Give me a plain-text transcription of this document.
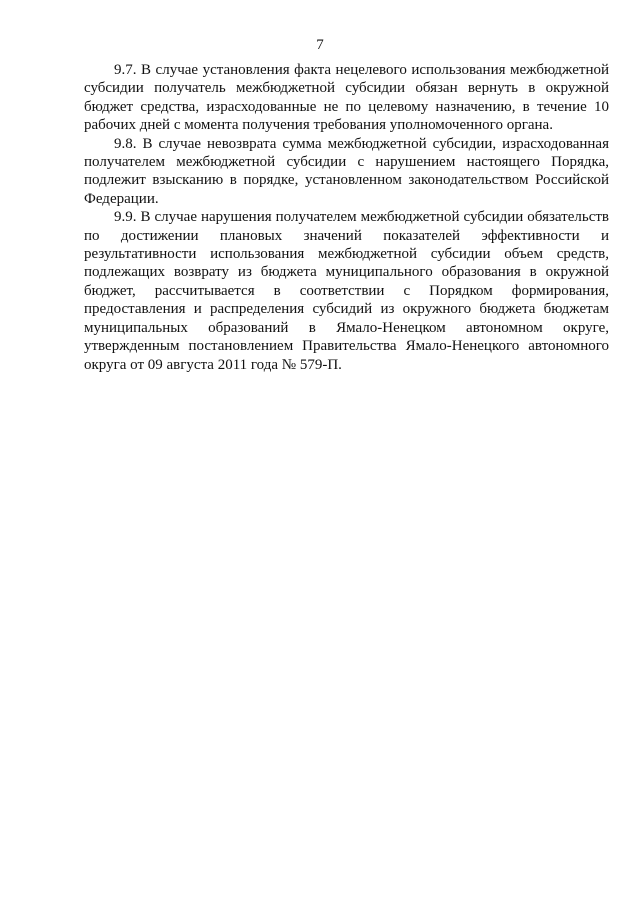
7

9.7. В случае установления факта нецелевого использования межбюджетной субсидии получатель межбюджетной субсидии обязан вернуть в окружной бюджет средства, израсходованные не по целевому назначению, в течение 10 рабочих дней с момента получения требования уполномоченного органа.

9.8. В случае невозврата сумма межбюджетной субсидии, израсходованная получателем межбюджетной субсидии с нарушением настоящего Порядка, подлежит взысканию в порядке, установленном законодательством Российской Федерации.

9.9. В случае нарушения получателем межбюджетной субсидии обязательств по достижении плановых значений показателей эффективности и результативности использования межбюджетной субсидии объем средств, подлежащих возврату из бюджета муниципального образования в окружной бюджет, рассчитывается в соответствии с Порядком формирования, предоставления и распределения субсидий из окружного бюджета бюджетам муниципальных образований в Ямало-Ненецком автономном округе, утвержденным постановлением Правительства Ямало-Ненецкого автономного округа от 09 августа 2011 года № 579-П.
